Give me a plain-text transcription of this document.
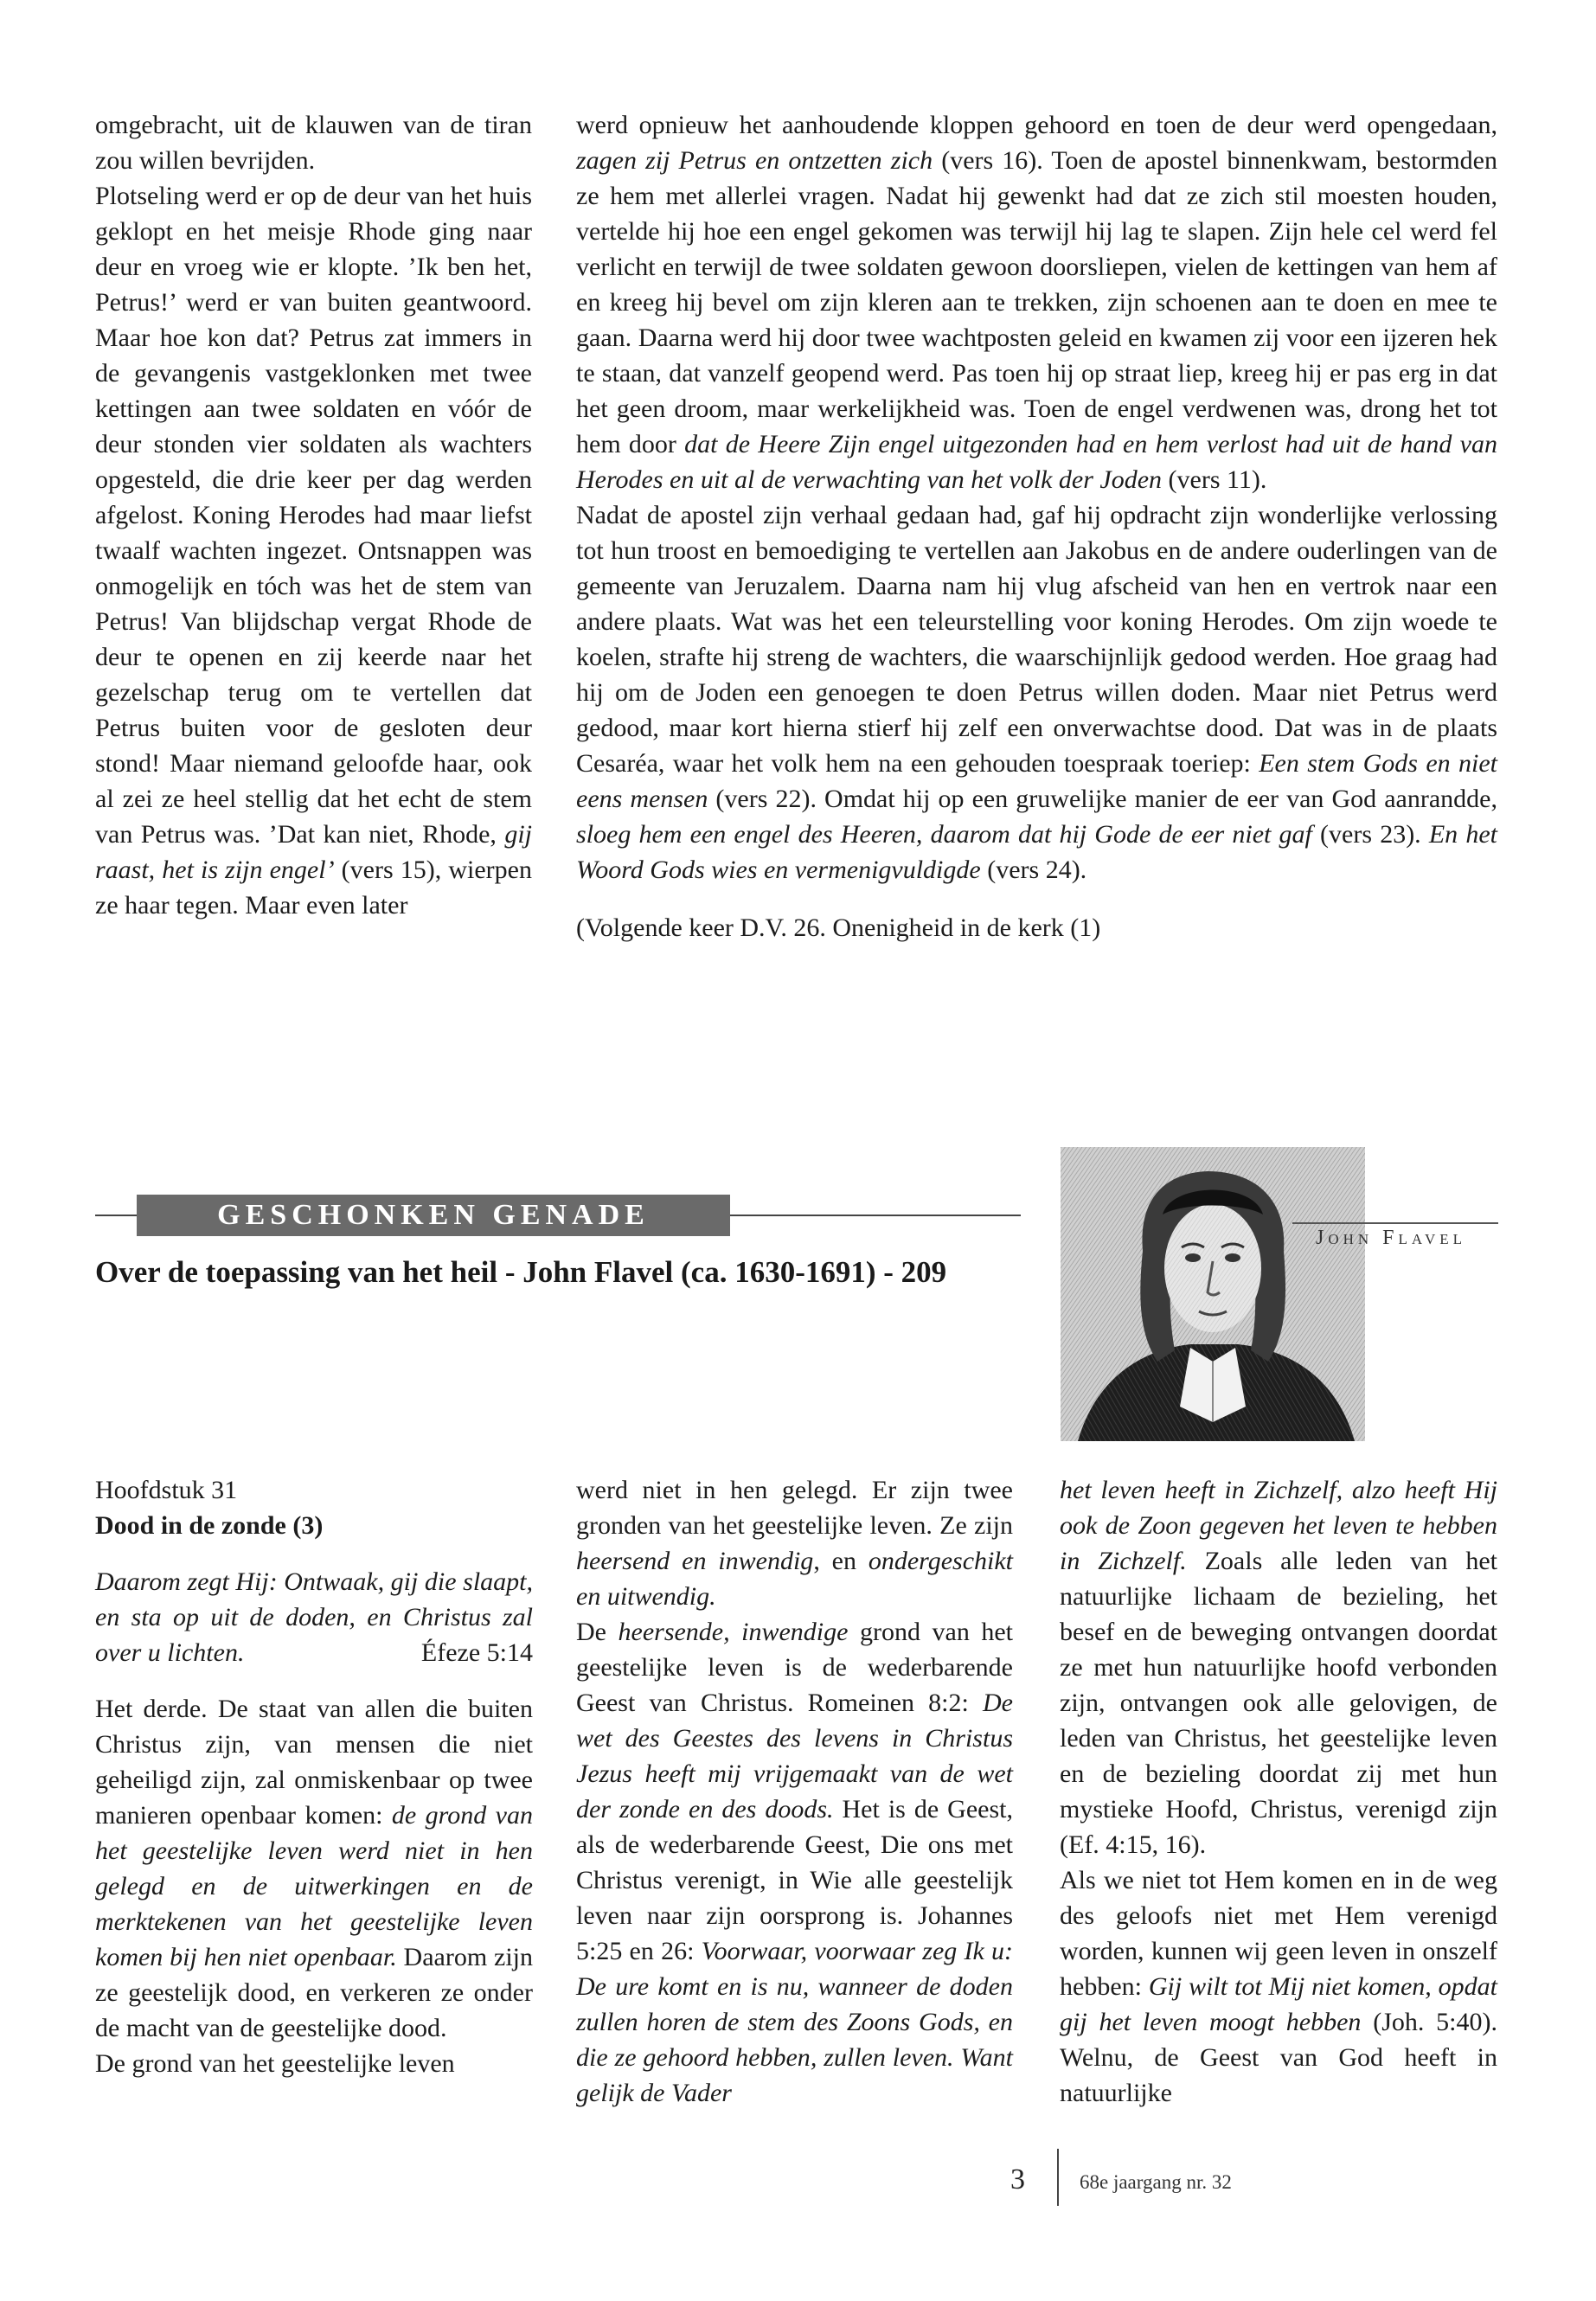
omgebracht, uit de klauwen van de tiran zou willen bevrijden.

Plotseling werd er op de deur van het huis geklopt en het meisje Rhode ging naar deur en vroeg wie er klopte. ’Ik ben het, Petrus!’ werd er van buiten geantwoord. Maar hoe kon dat? Petrus zat immers in de gevangenis vastgeklonken met twee kettingen aan twee soldaten en vóór de deur stonden vier soldaten als wachters opgesteld, die drie keer per dag werden afgelost. Koning Herodes had maar liefst twaalf wachten ingezet. Ontsnappen was onmogelijk en tóch was het de stem van Petrus! Van blijdschap vergat Rhode de deur te openen en zij keerde naar het gezelschap terug om te vertellen dat Petrus buiten voor de gesloten deur stond! Maar niemand geloofde haar, ook al zei ze heel stellig dat het echt de stem van Petrus was. ’Dat kan niet, Rhode, gij raast, het is zijn engel’ (vers 15), wierpen ze haar tegen. Maar even later

werd opnieuw het aanhoudende kloppen gehoord en toen de deur werd opengedaan, zagen zij Petrus en ontzetten zich (vers 16). Toen de apostel binnenkwam, bestormden ze hem met allerlei vragen. Nadat hij gewenkt had dat ze zich stil moesten houden, vertelde hij hoe een engel gekomen was terwijl hij lag te slapen. Zijn hele cel werd fel verlicht en terwijl de twee soldaten gewoon doorsliepen, vielen de kettingen van hem af en kreeg hij bevel om zijn kleren aan te trekken, zijn schoenen aan te doen en mee te gaan. Daarna werd hij door twee wachtposten geleid en kwamen zij voor een ijzeren hek te staan, dat vanzelf geopend werd. Pas toen hij op straat liep, kreeg hij er pas erg in dat het geen droom, maar werkelijkheid was. Toen de engel verdwenen was, drong het tot hem door dat de Heere Zijn engel uitgezonden had en hem verlost had uit de hand van Herodes en uit al de verwachting van het volk der Joden (vers 11).

Nadat de apostel zijn verhaal gedaan had, gaf hij opdracht zijn wonderlijke verlossing tot hun troost en bemoediging te vertellen aan Jakobus en de andere ouderlingen van de gemeente van Jeruzalem. Daarna nam hij vlug afscheid van hen en vertrok naar een andere plaats. Wat was het een teleurstelling voor koning Herodes. Om zijn woede te koelen, strafte hij streng de wachters, die waarschijnlijk gedood werden. Hoe graag had hij om de Joden een genoegen te doen Petrus willen doden. Maar niet Petrus werd gedood, maar kort hierna stierf hij zelf een onverwachtse dood. Dat was in de plaats Cesaréa, waar het volk hem na een gehouden toespraak toeriep: Een stem Gods en niet eens mensen (vers 22). Omdat hij op een gruwelijke manier de eer van God aanrandde, sloeg hem een engel des Heeren, daarom dat hij Gode de eer niet gaf (vers 23). En het Woord Gods wies en vermenigvuldigde (vers 24).

(Volgende keer D.V. 26. Onenigheid in de kerk (1)

GESCHONKEN GENADE
Over de toepassing van het heil - John Flavel (ca. 1630-1691) - 209
John Flavel

Hoofdstuk 31

Dood in de zonde (3)

Daarom zegt Hij: Ontwaak, gij die slaapt, en sta op uit de doden, en Christus zal over u lichten.	Éfeze 5:14

Het derde. De staat van allen die buiten Christus zijn, van mensen die niet geheiligd zijn, zal onmiskenbaar op twee manieren openbaar komen: de grond van het geestelijke leven werd niet in hen gelegd en de uitwerkingen en de merktekenen van het geestelijke leven komen bij hen niet openbaar. Daarom zijn ze geestelijk dood, en verkeren ze onder de macht van de geestelijke dood.

De grond van het geestelijke leven

werd niet in hen gelegd. Er zijn twee gronden van het geestelijke leven. Ze zijn heersend en inwendig, en ondergeschikt en uitwendig.

De heersende, inwendige grond van het geestelijke leven is de wederbarende Geest van Christus. Romeinen 8:2: De wet des Geestes des levens in Christus Jezus heeft mij vrijgemaakt van de wet der zonde en des doods. Het is de Geest, als de wederbarende Geest, Die ons met Christus verenigt, in Wie alle geestelijk leven naar zijn oorsprong is. Johannes 5:25 en 26: Voorwaar, voorwaar zeg Ik u: De ure komt en is nu, wanneer de doden zullen horen de stem des Zoons Gods, en die ze gehoord hebben, zullen leven. Want gelijk de Vader

het leven heeft in Zichzelf, alzo heeft Hij ook de Zoon gegeven het leven te hebben in Zichzelf. Zoals alle leden van het natuurlijke lichaam de bezieling, het besef en de beweging ontvangen doordat ze met hun natuurlijke hoofd verbonden zijn, ontvangen ook alle gelovigen, de leden van Christus, het geestelijke leven en de bezieling doordat zij met hun mystieke Hoofd, Christus, verenigd zijn (Ef. 4:15, 16).

Als we niet tot Hem komen en in de weg des geloofs niet met Hem verenigd worden, kunnen wij geen leven in onszelf hebben: Gij wilt tot Mij niet komen, opdat gij het leven moogt hebben (Joh. 5:40). Welnu, de Geest van God heeft in natuurlijke

3	68e jaargang nr. 32
